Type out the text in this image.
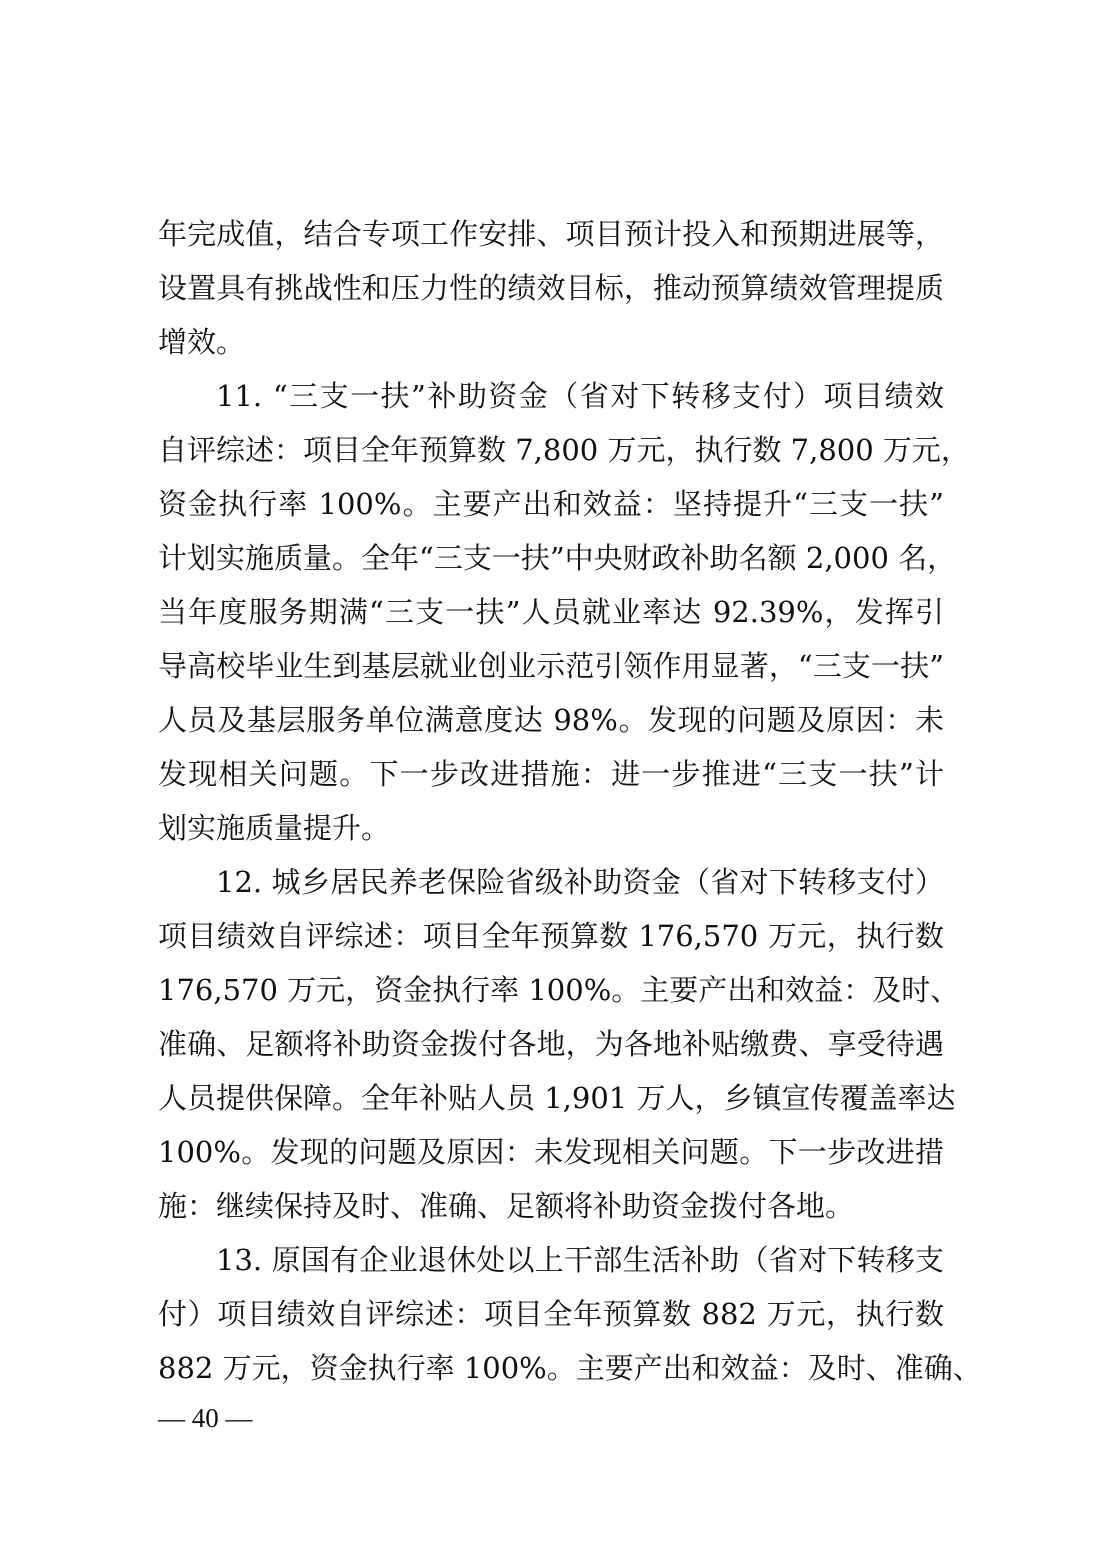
年完成值，结合专项工作安排、项目预计投入和预期进展等，
设置具有挑战性和压力性的绩效目标，推动预算绩效管理提质
增效。
11. “三支一扶”补助资金（省对下转移支付）项目绩效
自评综述：项目全年预算数 7,800 万元，执行数 7,800 万元，
资金执行率 100%。主要产出和效益：坚持提升“三支一扶”
计划实施质量。全年“三支一扶”中央财政补助名额 2,000 名，
当年度服务期满“三支一扶”人员就业率达 92.39%，发挥引
导高校毕业生到基层就业创业示范引领作用显著，“三支一扶”
人员及基层服务单位满意度达 98%。发现的问题及原因：未
发现相关问题。下一步改进措施：进一步推进“三支一扶”计
划实施质量提升。
12. 城乡居民养老保险省级补助资金（省对下转移支付）
项目绩效自评综述：项目全年预算数 176,570 万元，执行数
176,570 万元，资金执行率 100%。主要产出和效益：及时、
准确、足额将补助资金拨付各地，为各地补贴缴费、享受待遇
人员提供保障。全年补贴人员 1,901 万人，乡镇宣传覆盖率达
100%。发现的问题及原因：未发现相关问题。下一步改进措
施：继续保持及时、准确、足额将补助资金拨付各地。
13. 原国有企业退休处以上干部生活补助（省对下转移支
付）项目绩效自评综述：项目全年预算数 882 万元，执行数
882 万元，资金执行率 100%。主要产出和效益：及时、准确、
— 40 —
